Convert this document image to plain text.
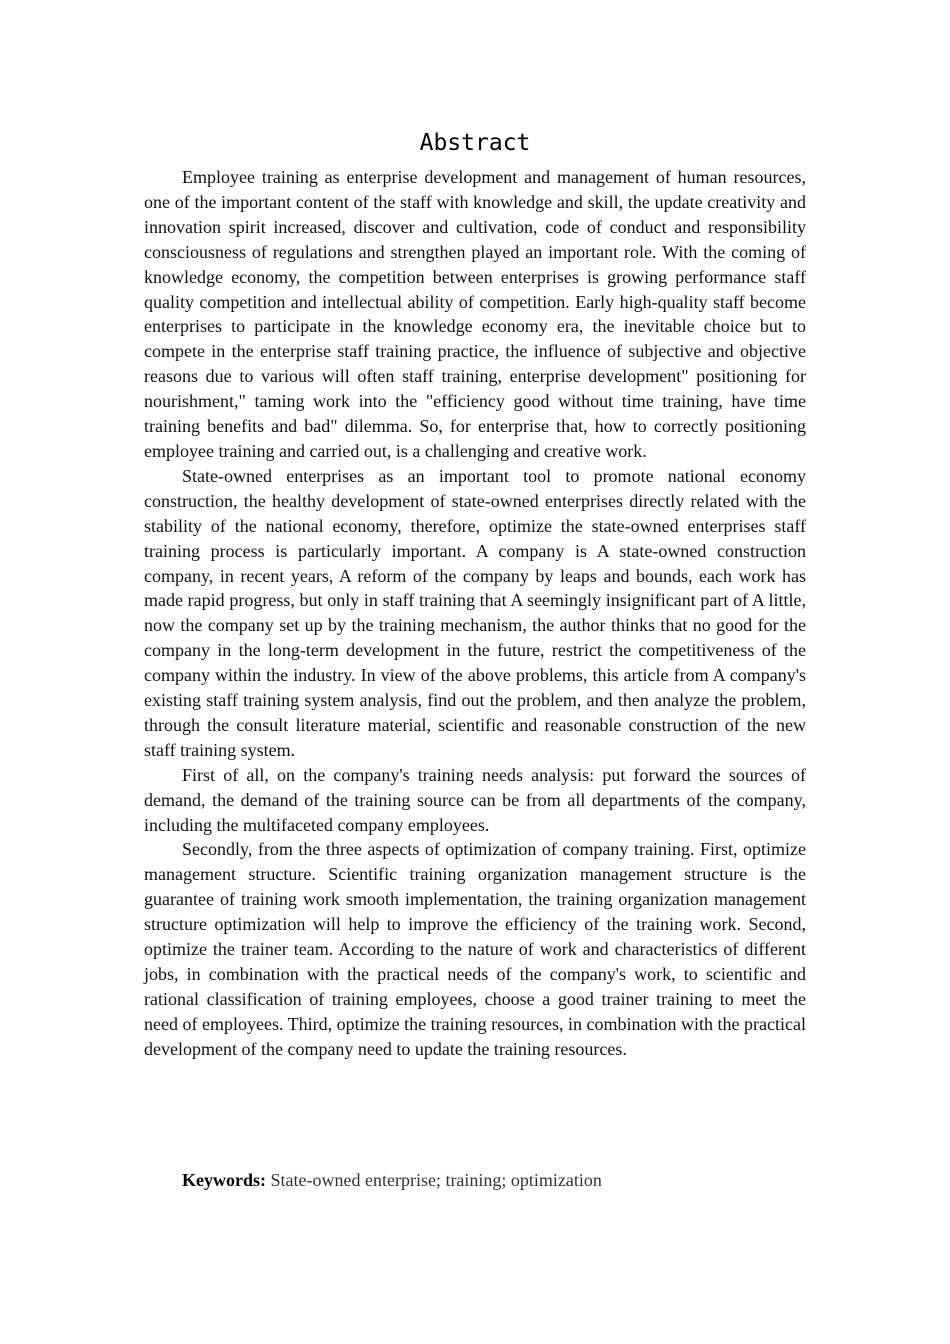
Abstract

Employee training as enterprise development and management of human resources, one of the important content of the staff with knowledge and skill, the update creativity and innovation spirit increased, discover and cultivation, code of conduct and responsibility consciousness of regulations and strengthen played an important role. With the coming of knowledge economy, the competition between enterprises is growing performance staff quality competition and intellectual ability of competition. Early high-quality staff become enterprises to participate in the knowledge economy era, the inevitable choice but to compete in the enterprise staff training practice, the influence of subjective and objective reasons due to various will often staff training, enterprise development" positioning for nourishment," taming work into the "efficiency good without time training, have time training benefits and bad" dilemma. So, for enterprise that, how to correctly positioning employee training and carried out, is a challenging and creative work.

State-owned enterprises as an important tool to promote national economy construction, the healthy development of state-owned enterprises directly related with the stability of the national economy, therefore, optimize the state-owned enterprises staff training process is particularly important. A company is A state-owned construction company, in recent years, A reform of the company by leaps and bounds, each work has made rapid progress, but only in staff training that A seemingly insignificant part of A little, now the company set up by the training mechanism, the author thinks that no good for the company in the long-term development in the future, restrict the competitiveness of the company within the industry. In view of the above problems, this article from A company's existing staff training system analysis, find out the problem, and then analyze the problem, through the consult literature material, scientific and reasonable construction of the new staff training system.

First of all, on the company's training needs analysis: put forward the sources of demand, the demand of the training source can be from all departments of the company, including the multifaceted company employees.

Secondly, from the three aspects of optimization of company training. First, optimize management structure. Scientific training organization management structure is the guarantee of training work smooth implementation, the training organization management structure optimization will help to improve the efficiency of the training work. Second, optimize the trainer team. According to the nature of work and characteristics of different jobs, in combination with the practical needs of the company's work, to scientific and rational classification of training employees, choose a good trainer training to meet the need of employees. Third, optimize the training resources, in combination with the practical development of the company need to update the training resources.

Keywords: State-owned enterprise; training; optimization
